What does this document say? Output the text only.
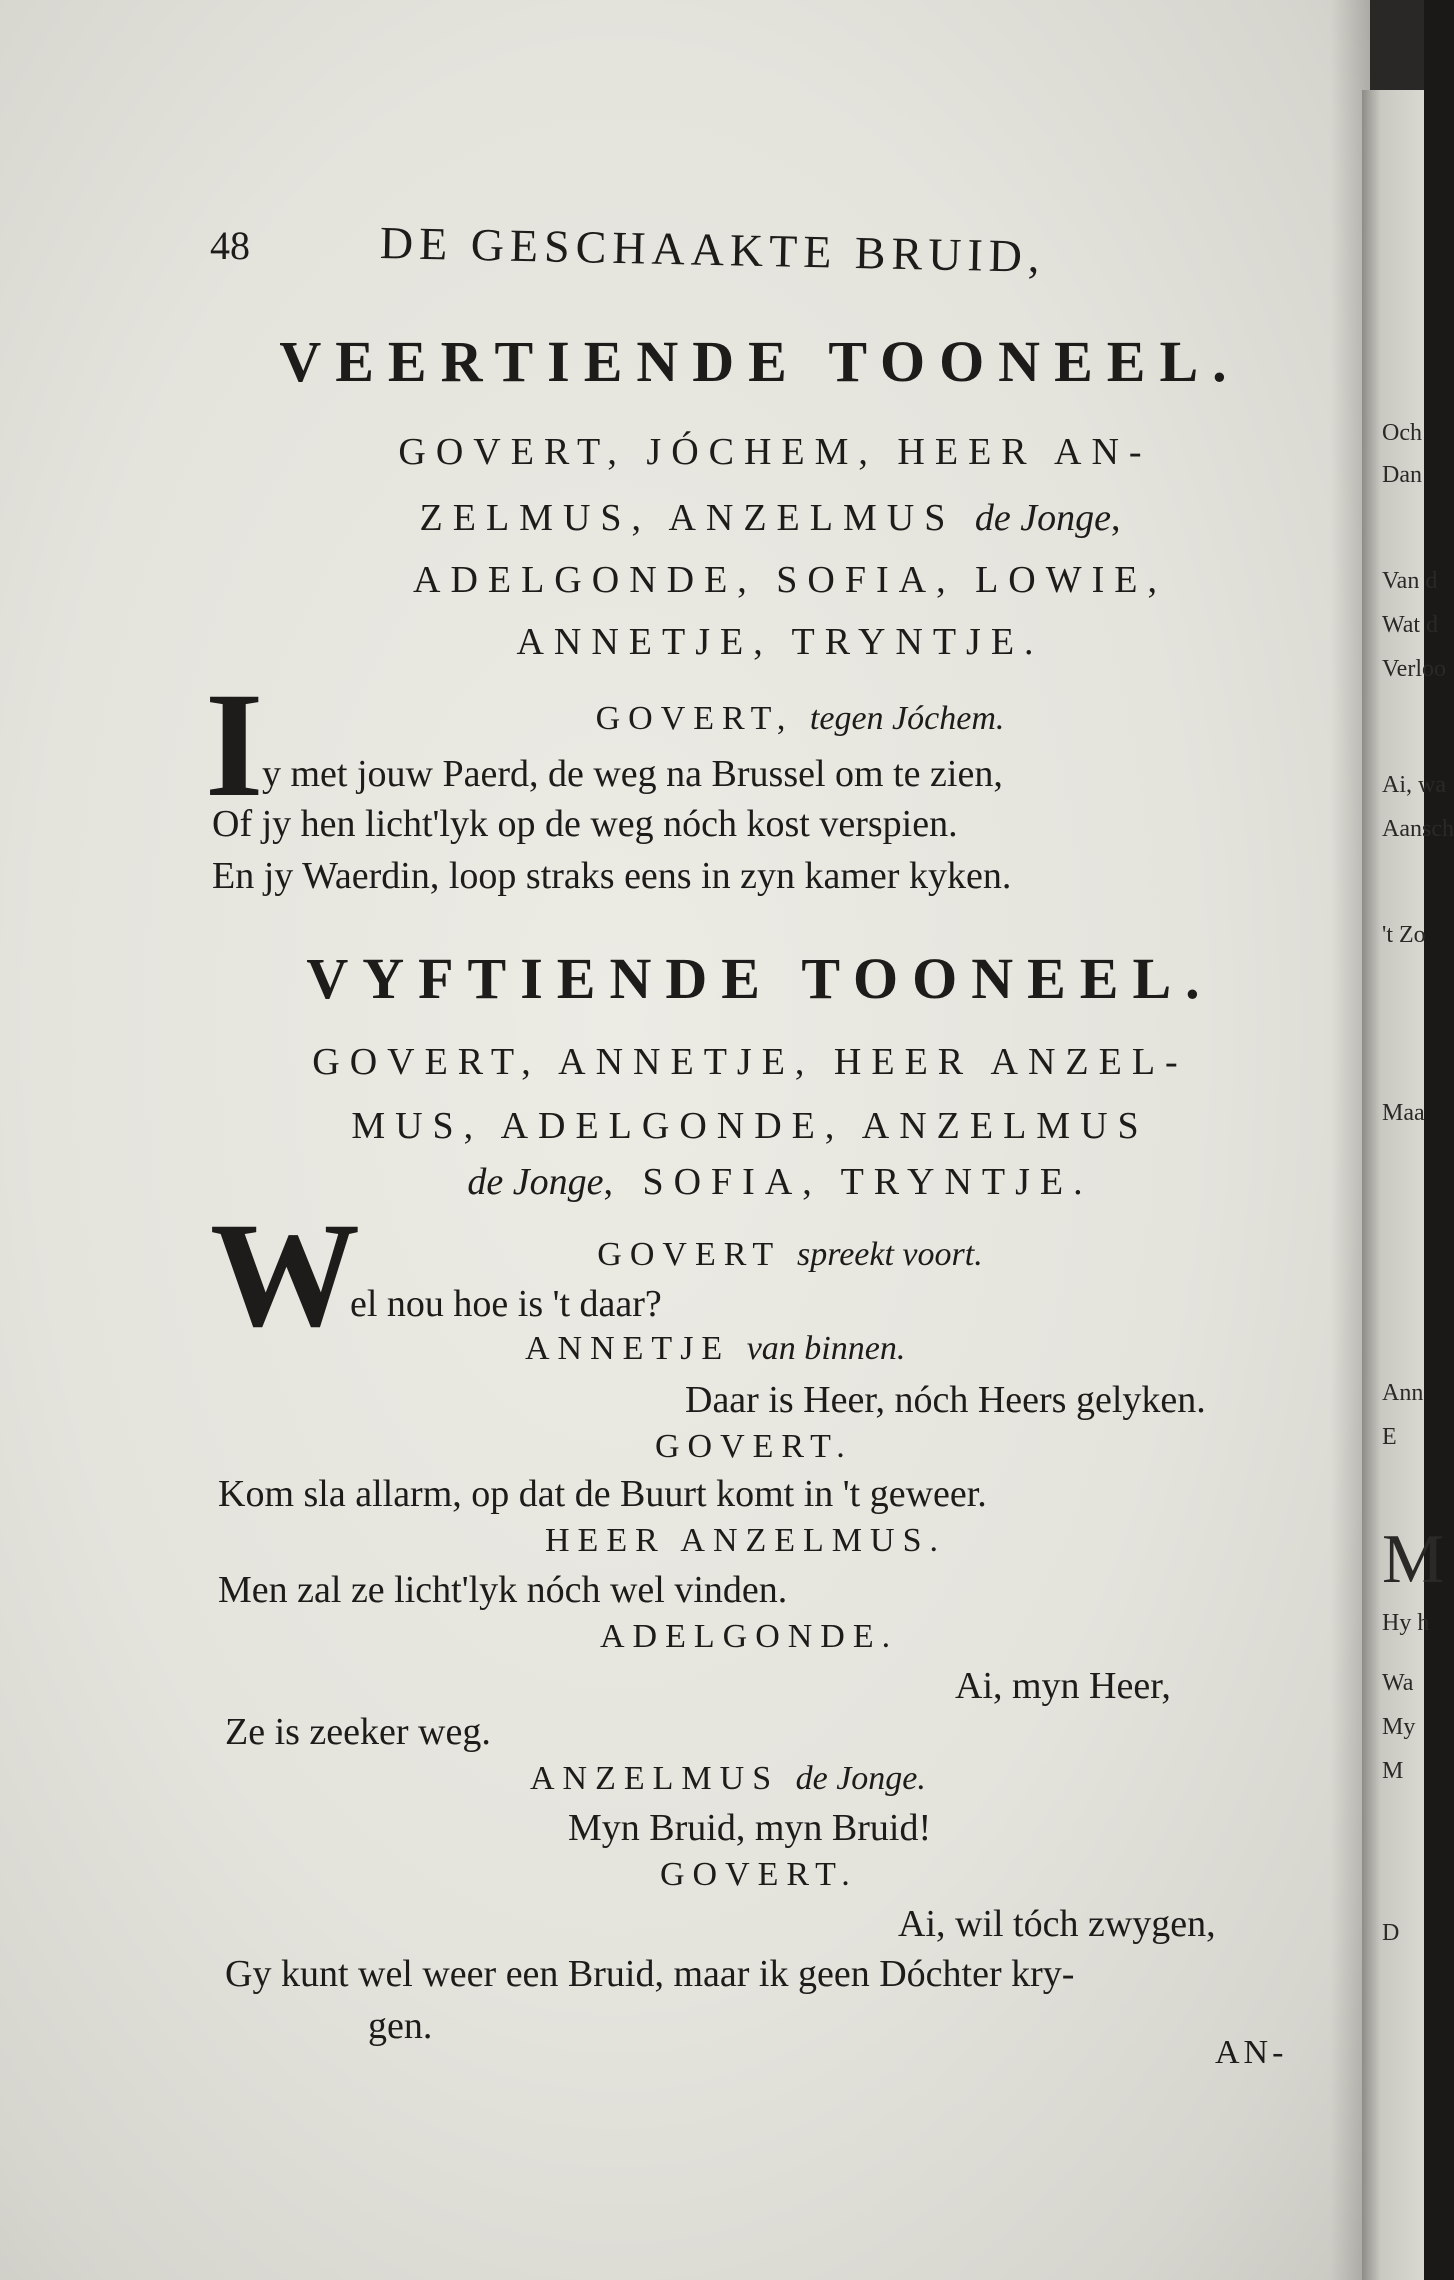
48	DE GESCHAAKTE BRUID,
VEERTIENDE TOONEEL.
GOVERT, JÓCHEM, HEER AN-
ZELMUS, ANZELMUS de Jonge,
ADELGONDE, SOFIA, LOWIE,
ANNETJE, TRYNTJE.
I	GOVERT, tegen Jóchem.
y met jouw Paerd, de weg na Brussel om te zien,
Of jy hen licht'lyk op de weg nóch kost verspien.
En jy Waerdin, loop straks eens in zyn kamer kyken.
VYFTIENDE TOONEEL.
GOVERT, ANNETJE, HEER ANZEL-
MUS, ADELGONDE, ANZELMUS
de Jonge, SOFIA, TRYNTJE.
W	GOVERT spreekt voort.
el nou hoe is 't daar?
ANNETJE van binnen.
Daar is Heer, nóch Heers gelyken.
GOVERT.
Kom sla allarm, op dat de Buurt komt in 't geweer.
HEER ANZELMUS.
Men zal ze licht'lyk nóch wel vinden.
ADELGONDE.
Ai, myn Heer,
Ze is zeeker weg.
ANZELMUS de Jonge.
Myn Bruid, myn Bruid!
GOVERT.
Ai, wil tóch zwygen,
Gy kunt wel weer een Bruid, maar ik geen Dóchter kry-
gen.
AN-
Och
Dan
Van d
Wat d
Verloo
Ai, wa
Aansch
't Zo
Maa
Ann
E
M
Hy h
Wa
My
M
D
